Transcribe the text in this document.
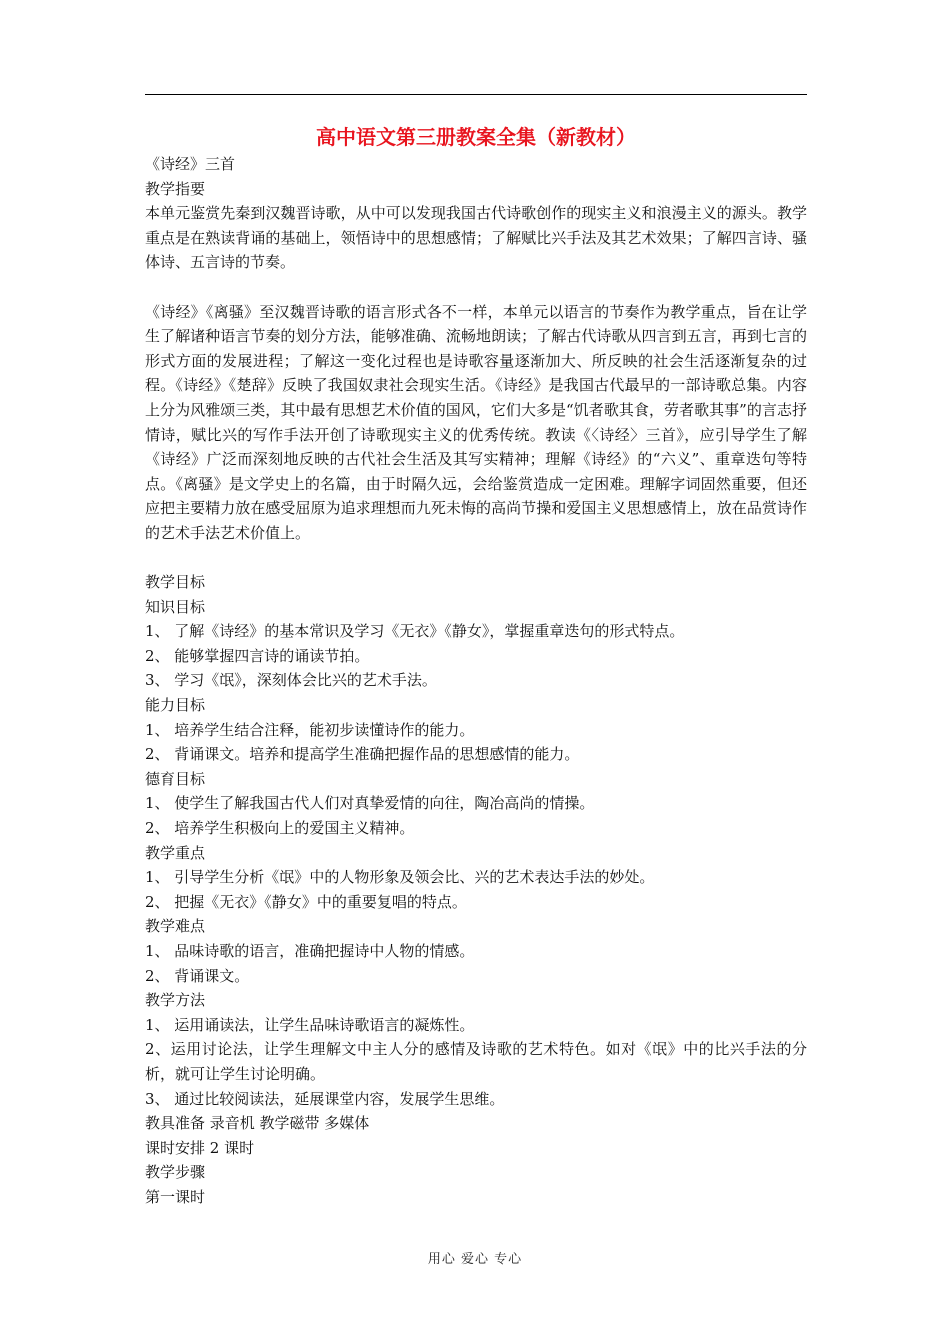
高中语文第三册教案全集（新教材）

《诗经》三首

教学指要

本单元鉴赏先秦到汉魏晋诗歌，从中可以发现我国古代诗歌创作的现实主义和浪漫主义的源头。教学重点是在熟读背诵的基础上，领悟诗中的思想感情；了解赋比兴手法及其艺术效果；了解四言诗、骚体诗、五言诗的节奏。

《诗经》《离骚》至汉魏晋诗歌的语言形式各不一样，本单元以语言的节奏作为教学重点，旨在让学生了解诸种语言节奏的划分方法，能够准确、流畅地朗读；了解古代诗歌从四言到五言，再到七言的形式方面的发展进程；了解这一变化过程也是诗歌容量逐渐加大、所反映的社会生活逐渐复杂的过程。《诗经》《楚辞》反映了我国奴隶社会现实生活。《诗经》是我国古代最早的一部诗歌总集。内容上分为风雅颂三类，其中最有思想艺术价值的国风，它们大多是“饥者歌其食，劳者歌其事”的言志抒情诗，赋比兴的写作手法开创了诗歌现实主义的优秀传统。教读《〈诗经〉三首》，应引导学生了解《诗经》广泛而深刻地反映的古代社会生活及其写实精神；理解《诗经》的“六义”、重章迭句等特点。《离骚》是文学史上的名篇，由于时隔久远，会给鉴赏造成一定困难。理解字词固然重要，但还应把主要精力放在感受屈原为追求理想而九死未悔的高尚节操和爱国主义思想感情上，放在品赏诗作的艺术手法艺术价值上。

教学目标

知识目标

1、 了解《诗经》的基本常识及学习《无衣》《静女》，掌握重章迭句的形式特点。

2、 能够掌握四言诗的诵读节拍。

3、 学习《氓》，深刻体会比兴的艺术手法。

能力目标

1、 培养学生结合注释，能初步读懂诗作的能力。

2、 背诵课文。培养和提高学生准确把握作品的思想感情的能力。

德育目标

1、 使学生了解我国古代人们对真挚爱情的向往，陶冶高尚的情操。

2、 培养学生积极向上的爱国主义精神。

教学重点

1、 引导学生分析《氓》中的人物形象及领会比、兴的艺术表达手法的妙处。

2、 把握《无衣》《静女》中的重要复唱的特点。

教学难点

1、 品味诗歌的语言，准确把握诗中人物的情感。

2、 背诵课文。

教学方法

1、 运用诵读法，让学生品味诗歌语言的凝炼性。

2、运用讨论法，让学生理解文中主人分的感情及诗歌的艺术特色。如对《氓》中的比兴手法的分析，就可让学生讨论明确。

3、 通过比较阅读法，延展课堂内容，发展学生思维。

教具准备 录音机 教学磁带 多媒体

课时安排 2 课时

教学步骤

第一课时

用心 爱心 专心
